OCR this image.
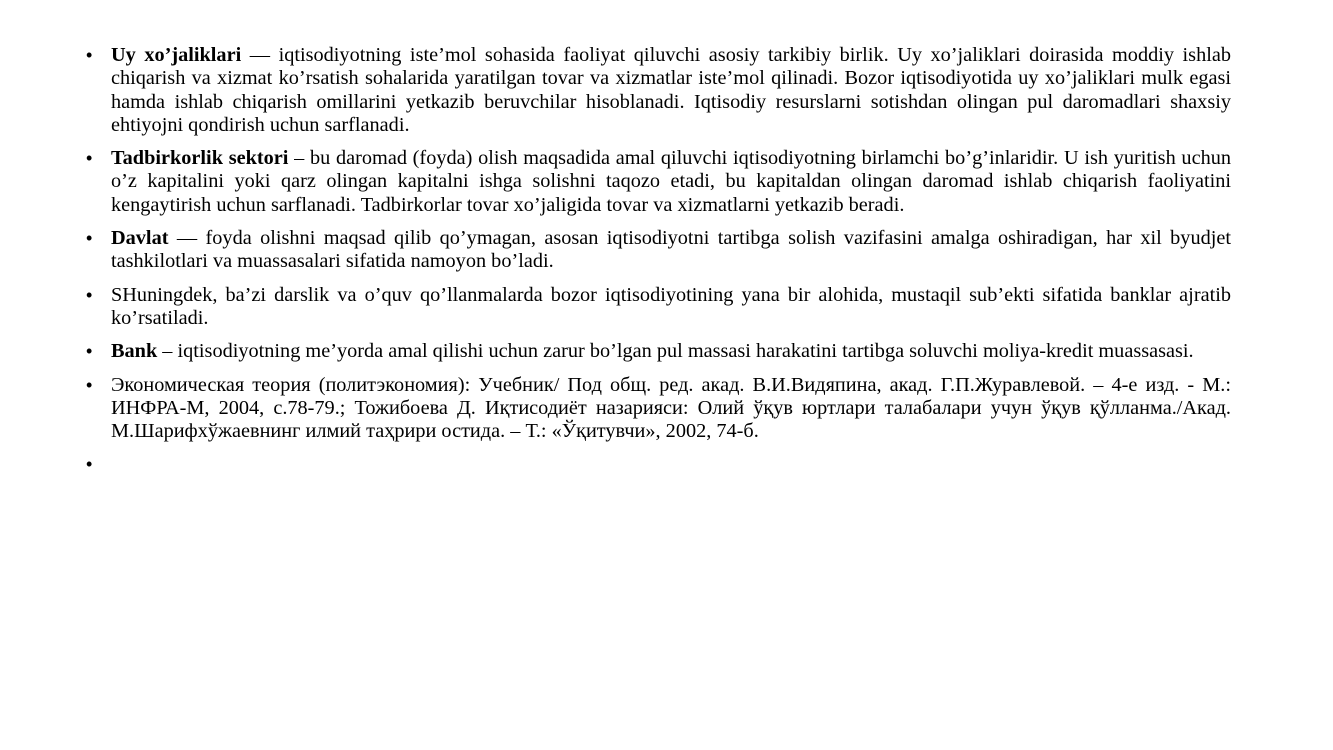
• Uy xo’jaliklari — iqtisodiyotning iste’mol sohasida faoliyat qiluvchi asosiy tarkibiy birlik. Uy xo’jaliklari doirasida moddiy ishlab chiqarish va xizmat ko’rsatish sohalarida yaratilgan tovar va xizmatlar iste’mol qilinadi. Bozor iqtisodiyotida uy xo’jaliklari mulk egasi hamda ishlab chiqarish omillarini yetkazib beruvchilar hisoblanadi. Iqtisodiy resurslarni sotishdan olingan pul daromadlari shaxsiy ehtiyojni qondirish uchun sarflanadi.
• Tadbirkorlik sektori – bu daromad (foyda) olish maqsadida amal qiluvchi iqtisodiyotning birlamchi bo’g’inlaridir. U ish yuritish uchun o’z kapitalini yoki qarz olingan kapitalni ishga solishni taqozo etadi, bu kapitaldan olingan daromad ishlab chiqarish faoliyatini kengaytirish uchun sarflanadi. Tadbirkorlar tovar xo’jaligida tovar va xizmatlarni yetkazib beradi.
• Davlat — foyda olishni maqsad qilib qo’ymagan, asosan iqtisodiyotni tartibga solish vazifasini amalga oshiradigan, har xil byudjet tashkilotlari va muassasalari sifatida namoyon bo’ladi.
• SHuningdek, ba’zi darslik va o’quv qo’llanmalarda bozor iqtisodiyotining yana bir alohida, mustaqil sub’ekti sifatida banklar ajratib ko’rsatiladi.
• Bank – iqtisodiyotning me’yorda amal qilishi uchun zarur bo’lgan pul massasi harakatini tartibga soluvchi moliya-kredit muassasasi.
• Экономическая теория (политэкономия): Учебник/ Под общ. ред. акад. В.И.Видяпина, акад. Г.П.Журавлевой. – 4-е изд. - М.: ИНФРА-М, 2004, с.78-79.; Тожибоева Д. Иқтисодиёт назарияси: Олий ўқув юртлари талабалари учун ўқув қўлланма./Акад. М.Шарифхўжаевнинг илмий таҳрири остида. – Т.: «Ўқитувчи», 2002, 74-б.
•
